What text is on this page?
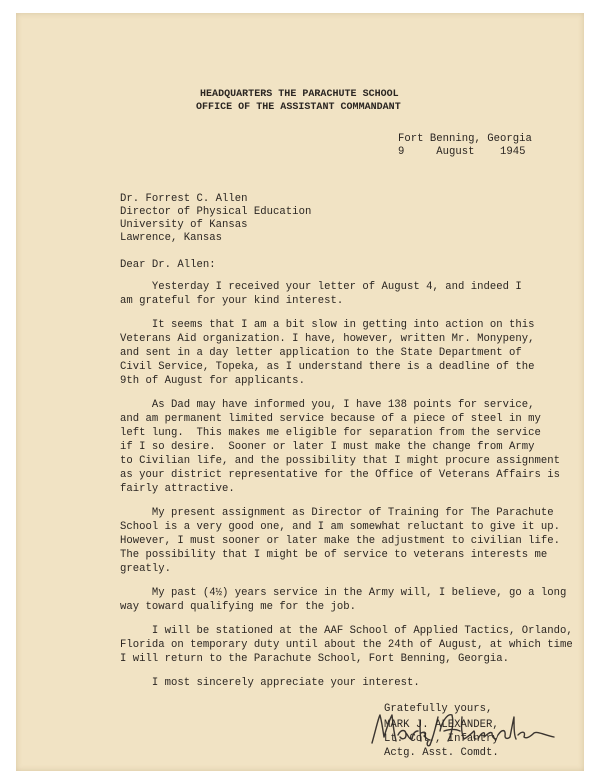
HEADQUARTERS THE PARACHUTE SCHOOL
OFFICE OF THE ASSISTANT COMMANDANT
Fort Benning, Georgia
9     August    1945
Dr. Forrest C. Allen
Director of Physical Education
University of Kansas
Lawrence, Kansas
Dear Dr. Allen:
Yesterday I received your letter of August 4, and indeed I
am grateful for your kind interest.
It seems that I am a bit slow in getting into action on this
Veterans Aid organization. I have, however, written Mr. Monypeny,
and sent in a day letter application to the State Department of
Civil Service, Topeka, as I understand there is a deadline of the
9th of August for applicants.
As Dad may have informed you, I have 138 points for service,
and am permanent limited service because of a piece of steel in my
left lung.  This makes me eligible for separation from the service
if I so desire.  Sooner or later I must make the change from Army
to Civilian life, and the possibility that I might procure assignment
as your district representative for the Office of Veterans Affairs is
fairly attractive.
My present assignment as Director of Training for The Parachute
School is a very good one, and I am somewhat reluctant to give it up.
However, I must sooner or later make the adjustment to civilian life.
The possibility that I might be of service to veterans interests me
greatly.
My past (4½) years service in the Army will, I believe, go a long
way toward qualifying me for the job.
I will be stationed at the AAF School of Applied Tactics, Orlando,
Florida on temporary duty until about the 24th of August, at which time
I will return to the Parachute School, Fort Benning, Georgia.
I most sincerely appreciate your interest.
Gratefully yours,
MARK J. ALEXANDER,
Lt. Col., Infantry
Actg. Asst. Comdt.
